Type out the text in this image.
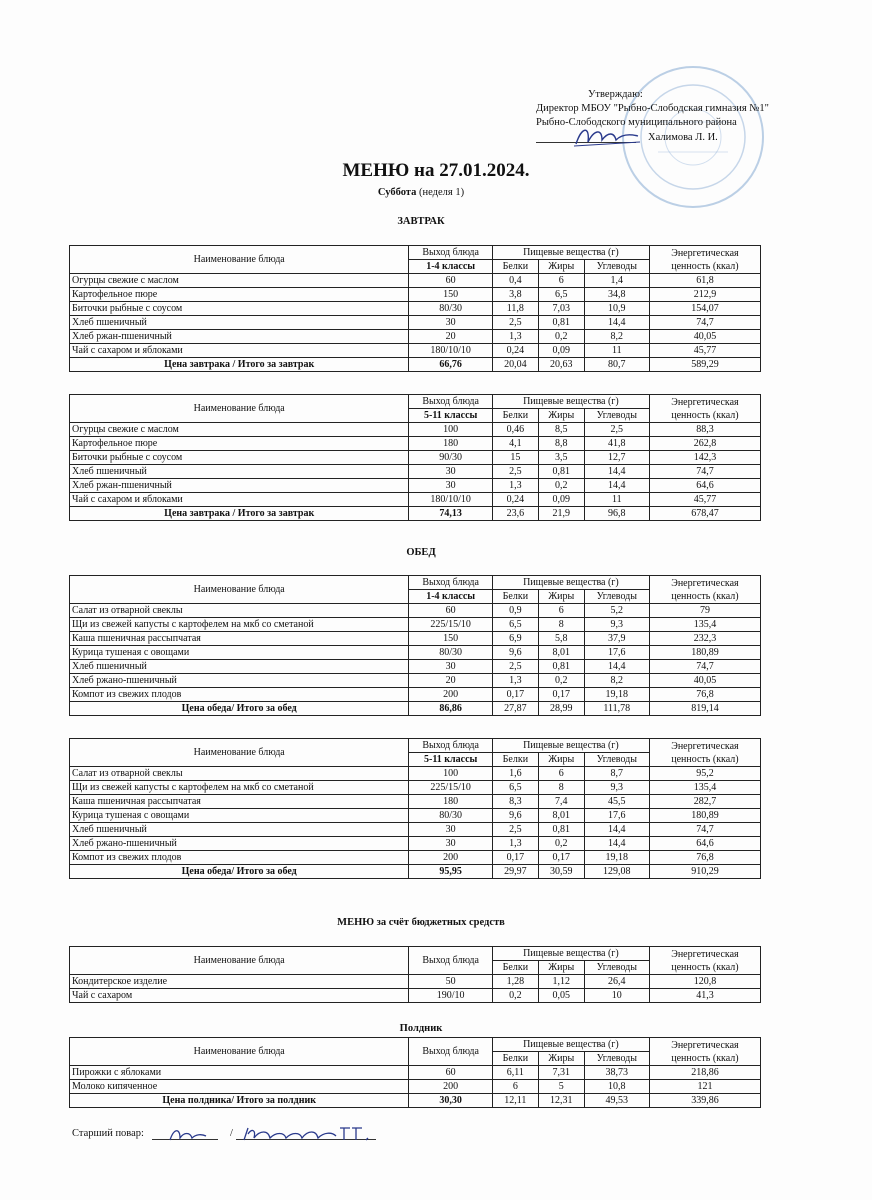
Утверждаю:
Директор МБОУ "Рыбно-Слободская гимназия №1"
Рыбно-Слободского муниципального района
Халимова Л. И.
МЕНЮ на 27.01.2024.
Суббота (неделя 1)
ЗАВТРАК
ОБЕД
МЕНЮ за счёт бюджетных средств
Полдник
Наименование блюда	Выход блюда	Пищевые вещества (г)			Энергетическая
ценность (ккал)

	1-4 классы	Белки	Жиры	Углеводы	
Огурцы свежие с маслом	60	0,4	6	1,4	61,8
Картофельное пюре	150	3,8	6,5	34,8	212,9
Биточки рыбные с соусом	80/30	11,8	7,03	10,9	154,07
Хлеб пшеничный	30	2,5	0,81	14,4	74,7
Хлеб ржан-пшеничный	20	1,3	0,2	8,2	40,05
Чай с сахаром и яблоками	180/10/10	0,24	0,09	11	45,77
Цена завтрака / Итого за завтрак	66,76	20,04	20,63	80,7	589,29
Наименование блюда	Выход блюда	Пищевые вещества (г)			Энергетическая
ценность (ккал)

	5-11 классы	Белки	Жиры	Углеводы	
Огурцы свежие с маслом	100	0,46	8,5	2,5	88,3
Картофельное пюре	180	4,1	8,8	41,8	262,8
Биточки рыбные с соусом	90/30	15	3,5	12,7	142,3
Хлеб пшеничный	30	2,5	0,81	14,4	74,7
Хлеб ржан-пшеничный	30	1,3	0,2	14,4	64,6
Чай с сахаром и яблоками	180/10/10	0,24	0,09	11	45,77
Цена завтрака / Итого за завтрак	74,13	23,6	21,9	96,8	678,47
Наименование блюда	Выход блюда	Пищевые вещества (г)			Энергетическая
ценность (ккал)

	1-4 классы	Белки	Жиры	Углеводы	
Салат из отварной свеклы	60	0,9	6	5,2	79
Щи из свежей капусты с картофелем на мкб со сметаной	225/15/10	6,5	8	9,3	135,4
Каша пшеничная рассыпчатая	150	6,9	5,8	37,9	232,3
Курица тушеная с овощами	80/30	9,6	8,01	17,6	180,89
Хлеб пшеничный	30	2,5	0,81	14,4	74,7
Хлеб ржано-пшеничный	20	1,3	0,2	8,2	40,05
Компот из свежих плодов	200	0,17	0,17	19,18	76,8
Цена обеда/ Итого за обед	86,86	27,87	28,99	111,78	819,14
Наименование блюда	Выход блюда	Пищевые вещества (г)			Энергетическая
ценность (ккал)

	5-11 классы	Белки	Жиры	Углеводы	
Салат из отварной свеклы	100	1,6	6	8,7	95,2
Щи из свежей капусты с картофелем на мкб со сметаной	225/15/10	6,5	8	9,3	135,4
Каша пшеничная рассыпчатая	180	8,3	7,4	45,5	282,7
Курица тушеная с овощами	80/30	9,6	8,01	17,6	180,89
Хлеб пшеничный	30	2,5	0,81	14,4	74,7
Хлеб ржано-пшеничный	30	1,3	0,2	14,4	64,6
Компот из свежих плодов	200	0,17	0,17	19,18	76,8
Цена обеда/ Итого за обед	95,95	29,97	30,59	129,08	910,29
Наименование блюда	Выход блюда	Пищевые вещества (г)			Энергетическая
ценность (ккал)

		Белки	Жиры	Углеводы	
Кондитерское изделие	50	1,28	1,12	26,4	120,8
Чай с сахаром	190/10	0,2	0,05	10	41,3
Наименование блюда	Выход блюда	Пищевые вещества (г)			Энергетическая
ценность (ккал)

		Белки	Жиры	Углеводы	
Пирожки с яблоками	60	6,11	7,31	38,73	218,86
Молоко кипяченное	200	6	5	10,8	121
Цена полдника/ Итого за полдник	30,30	12,11	12,31	49,53	339,86
Старший повар:	/
